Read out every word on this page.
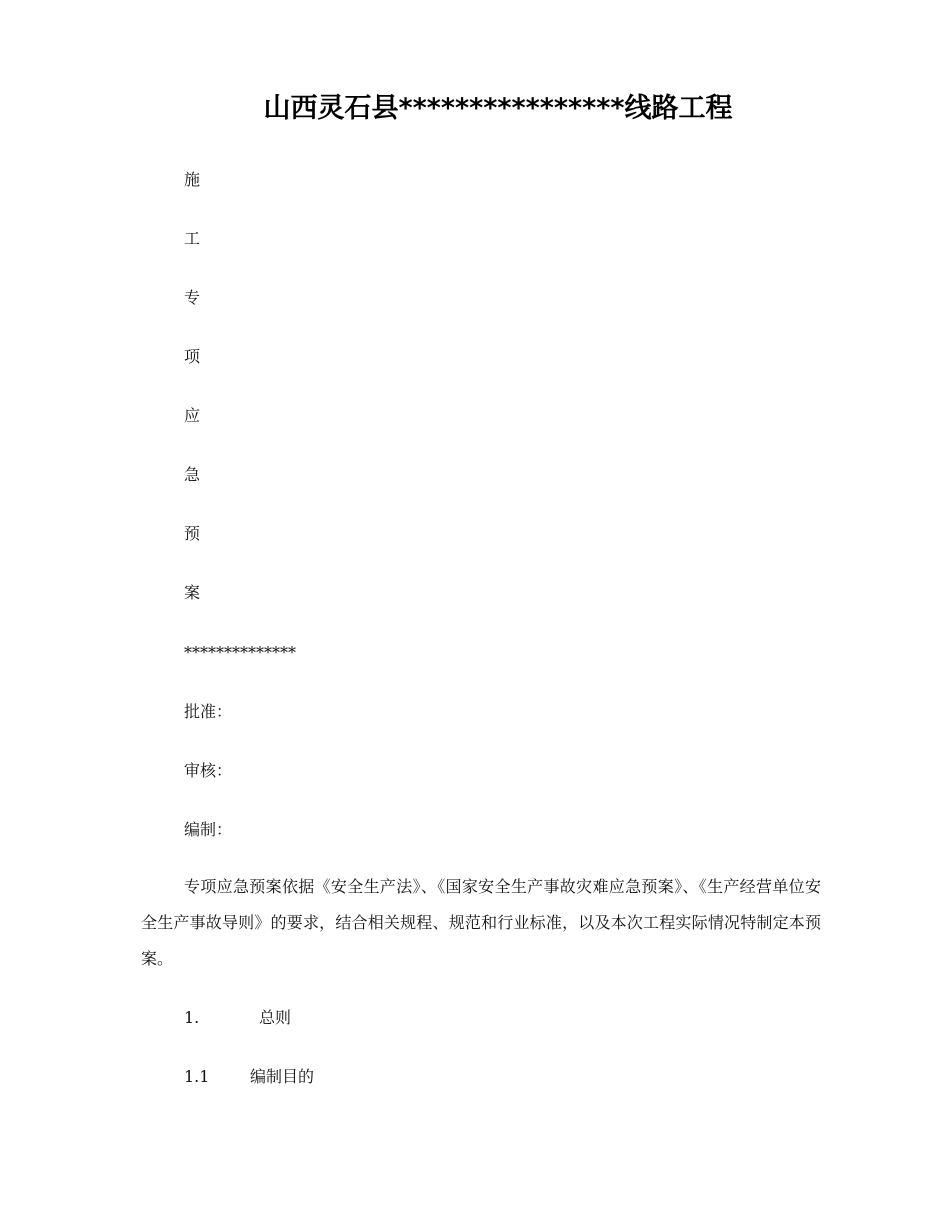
山西灵石县****************线路工程
施
工
专
项
应
急
预
案
**************
批准：
审核：
编制：
专项应急预案依据《安全生产法》、《国家安全生产事故灾难应急预案》、《生产经营单位安全生产事故导则》的要求，结合相关规程、规范和行业标准，以及本次工程实际情况特制定本预案。
1.	总则
1.1	编制目的
